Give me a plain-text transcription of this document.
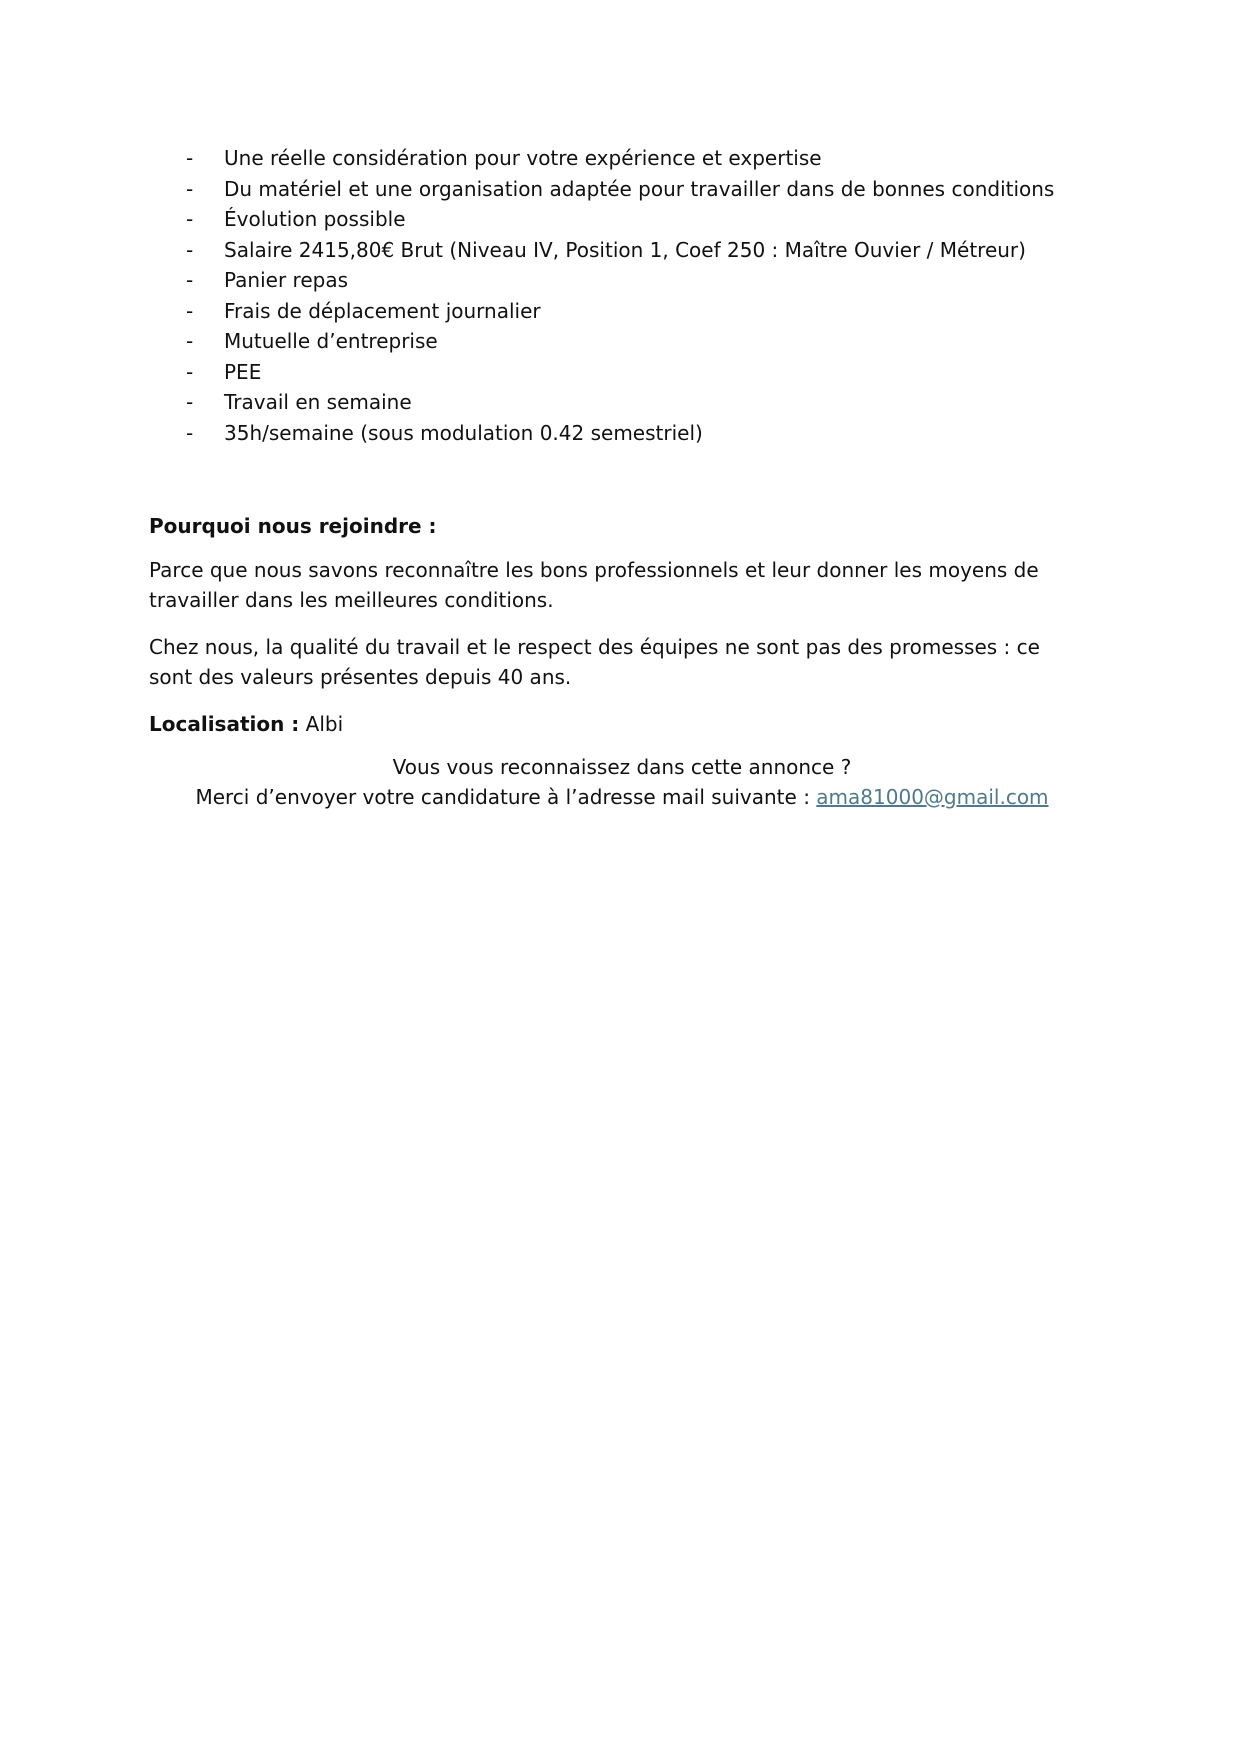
-	Une réelle considération pour votre expérience et expertise
-	Du matériel et une organisation adaptée pour travailler dans de bonnes conditions
-	Évolution possible
-	Salaire 2415,80€ Brut (Niveau IV, Position 1, Coef 250 : Maître Ouvier / Métreur)
-	Panier repas
-	Frais de déplacement journalier
-	Mutuelle d’entreprise
-	PEE
-	Travail en semaine
-	35h/semaine (sous modulation 0.42 semestriel)
Pourquoi nous rejoindre :

Parce que nous savons reconnaître les bons professionnels et leur donner les moyens de travailler dans les meilleures conditions.

Chez nous, la qualité du travail et le respect des équipes ne sont pas des promesses : ce sont des valeurs présentes depuis 40 ans.

Localisation : Albi

Vous vous reconnaissez dans cette annonce ?
Merci d’envoyer votre candidature à l’adresse mail suivante : ama81000@gmail.com
